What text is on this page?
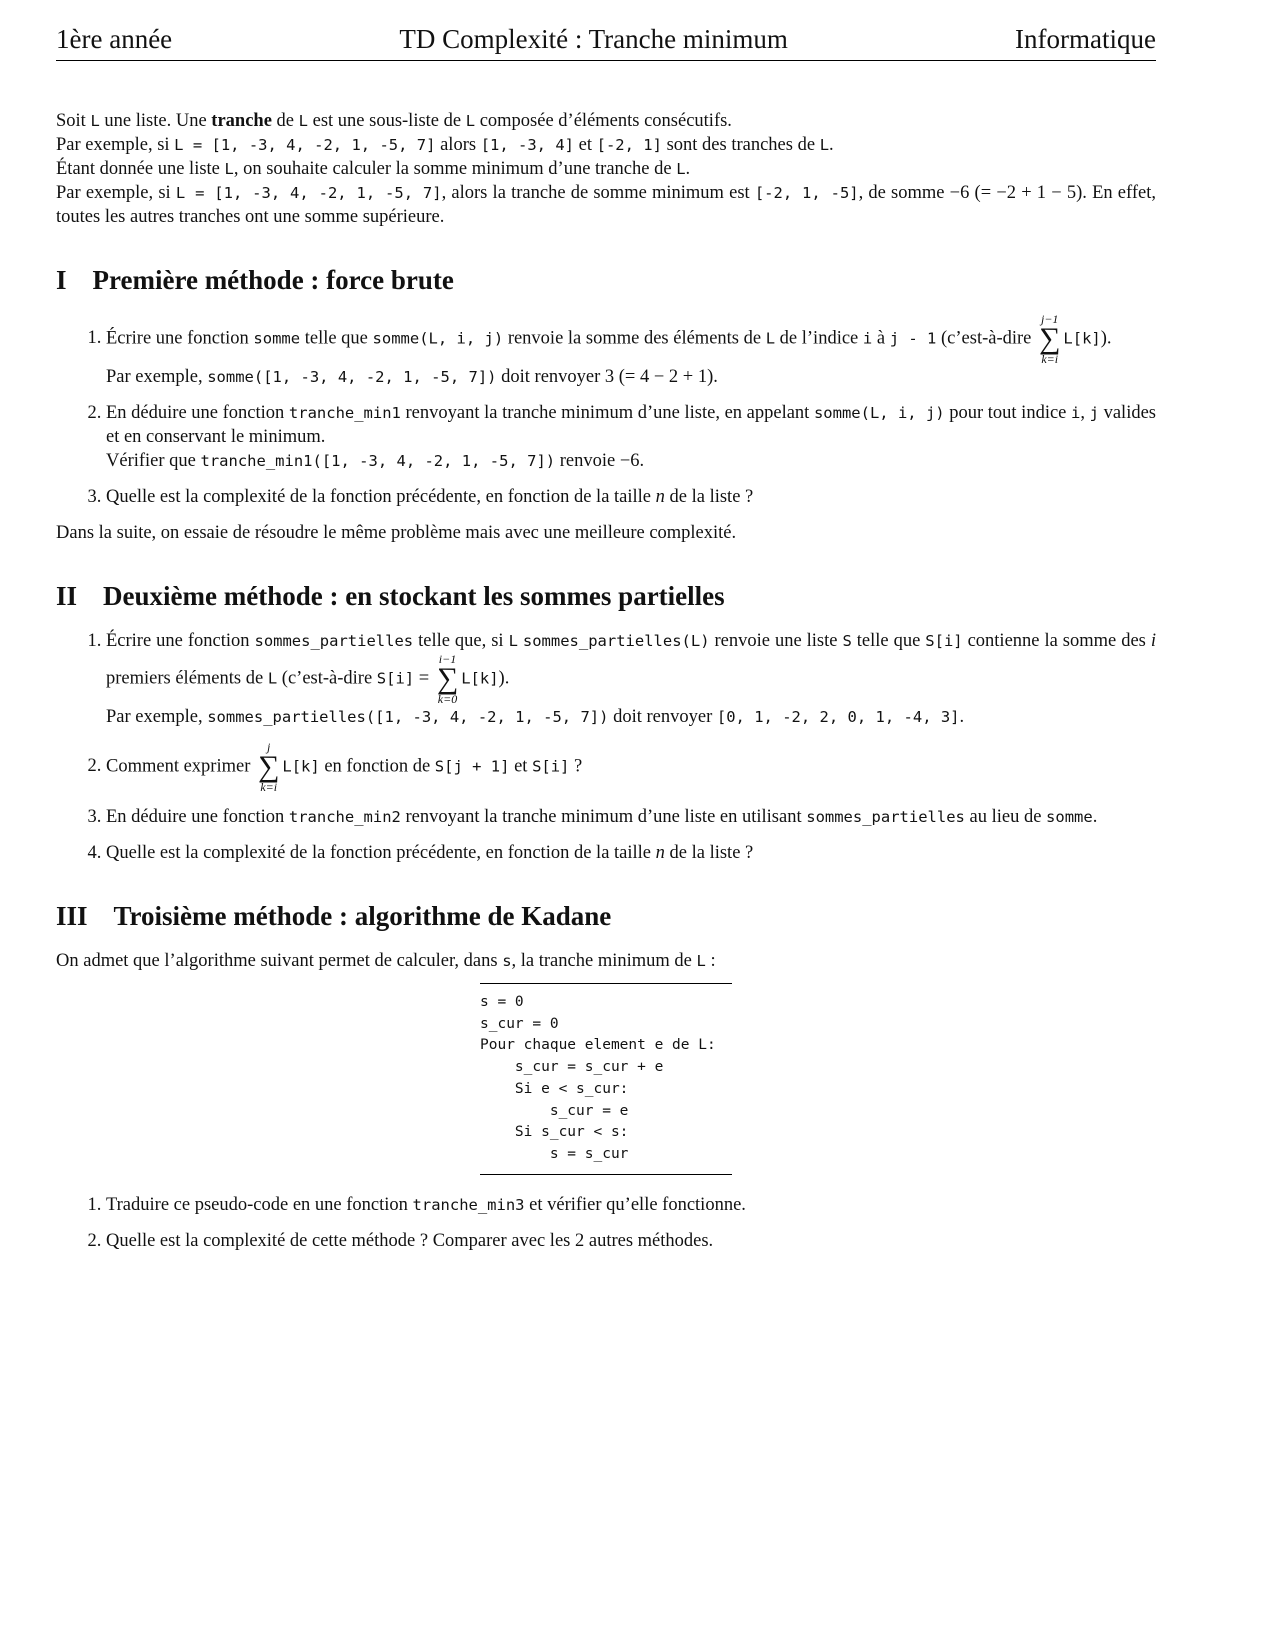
1ère année	TD Complexité : Tranche minimum	Informatique

Soit L une liste. Une tranche de L est une sous-liste de L composée d’éléments consécutifs.

Par exemple, si L = [1, -3, 4, -2, 1, -5, 7] alors [1, -3, 4] et [-2, 1] sont des tranches de L.

Étant donnée une liste L, on souhaite calculer la somme minimum d’une tranche de L.

Par exemple, si L = [1, -3, 4, -2, 1, -5, 7], alors la tranche de somme minimum est [-2, 1, -5], de somme −6 (= −2 + 1 − 5). En effet, toutes les autres tranches ont une somme supérieure.

I Première méthode : force brute
1. Écrire une fonction somme telle que somme(L, i, j) renvoie la somme des éléments de L de l’indice i à j - 1 (c’est-à-dire
j−1
∑
k=i
L[k]).
Par exemple, somme([1, -3, 4, -2, 1, -5, 7]) doit renvoyer 3 (= 4 − 2 + 1).
2. En déduire une fonction tranche_min1 renvoyant la tranche minimum d’une liste, en appelant somme(L, i, j) pour tout indice i, j valides et en conservant le minimum.
Vérifier que tranche_min1([1, -3, 4, -2, 1, -5, 7]) renvoie −6.
3. Quelle est la complexité de la fonction précédente, en fonction de la taille n de la liste ?

Dans la suite, on essaie de résoudre le même problème mais avec une meilleure complexité.

II Deuxième méthode : en stockant les sommes partielles
1. Écrire une fonction sommes_partielles telle que, si L sommes_partielles(L) renvoie une liste S telle que S[i] contienne la somme des i premiers éléments de L (c’est-à-dire S[i] =
i−1
∑
k=0
L[k]).
Par exemple, sommes_partielles([1, -3, 4, -2, 1, -5, 7]) doit renvoyer [0, 1, -2, 2, 0, 1, -4, 3].
2. Comment exprimer
j
∑
k=i
L[k] en fonction de S[j + 1] et S[i] ?
3. En déduire une fonction tranche_min2 renvoyant la tranche minimum d’une liste en utilisant sommes_partielles au lieu de somme.
4. Quelle est la complexité de la fonction précédente, en fonction de la taille n de la liste ?
III Troisième méthode : algorithme de Kadane

On admet que l’algorithme suivant permet de calculer, dans s, la tranche minimum de L :

s = 0
s_cur = 0
Pour chaque element e de L:
s_cur = s_cur + e
Si e < s_cur:
s_cur = e
Si s_cur < s:
s = s_cur
1. Traduire ce pseudo-code en une fonction tranche_min3 et vérifier qu’elle fonctionne.
2. Quelle est la complexité de cette méthode ? Comparer avec les 2 autres méthodes.
